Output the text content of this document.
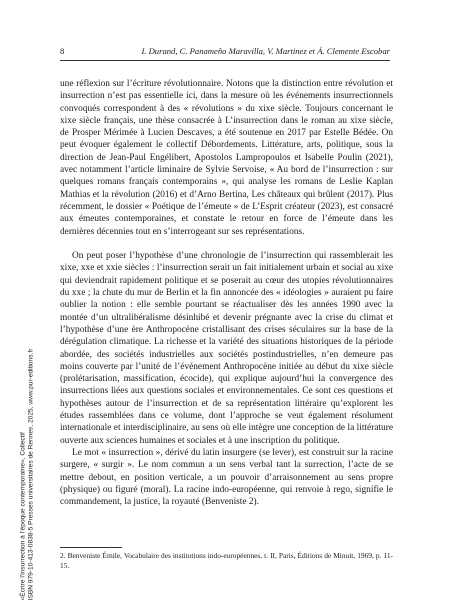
8	I. Durand, C. Panameño Maravilla, V. Martinez et Á. Clemente Escobar

une réflexion sur l’écriture révolutionnaire. Notons que la distinction entre révolution et insurrection n’est pas essentielle ici, dans la mesure où les événements insurrectionnels convoqués correspondent à des « révolutions » du xixe siècle. Toujours concernant le xixe siècle français, une thèse consacrée à L’insurrection dans le roman au xixe siècle, de Prosper Mérimée à Lucien Descaves, a été soutenue en 2017 par Estelle Bédée. On peut évoquer également le collectif Débordements. Littérature, arts, politique, sous la direction de Jean-Paul Engélibert, Apostolos Lampropoulos et Isabelle Poulin (2021), avec notamment l’article liminaire de Sylvie Servoise, « Au bord de l’insurrection : sur quelques romans français contemporains », qui analyse les romans de Leslie Kaplan Mathias et la révolution (2016) et d’Arno Bertina, Les châteaux qui brûlent (2017). Plus récemment, le dossier « Poétique de l’émeute » de L’Esprit créateur (2023), est consacré aux émeutes contemporaines, et constate le retour en force de l’émeute dans les dernières décennies tout en s’interrogeant sur ses représentations.

On peut poser l’hypothèse d’une chronologie de l’insurrection qui rassemblerait les xixe, xxe et xxie siècles : l’insurrection serait un fait initialement urbain et social au xixe qui deviendrait rapidement politique et se poserait au cœur des utopies révolutionnaires du xxe ; la chute du mur de Berlin et la fin annoncée des « idéologies » auraient pu faire oublier la notion : elle semble pourtant se réactualiser dès les années 1990 avec la montée d’un ultralibéralisme désinhibé et devenir prégnante avec la crise du climat et l’hypothèse d’une ère Anthropocène cristallisant des crises séculaires sur la base de la dérégulation climatique. La richesse et la variété des situations historiques de la période abordée, des sociétés industrielles aux sociétés postindustrielles, n’en demeure pas moins couverte par l’unité de l’événement Anthropocène initiée au début du xixe siècle (prolétarisation, massification, écocide), qui explique aujourd’hui la convergence des insurrections liées aux questions sociales et environnementales. Ce sont ces questions et hypothèses autour de l’insurrection et de sa représentation littéraire qu’explorent les études rassemblées dans ce volume, dont l’approche se veut également résolument internationale et interdisciplinaire, au sens où elle intègre une conception de la littérature ouverte aux sciences humaines et sociales et à une inscription du politique.

Le mot « insurrection », dérivé du latin insurgere (se lever), est construit sur la racine surgere, « surgir ». Le nom commun a un sens verbal tant la surrection, l’acte de se mettre debout, en position verticale, a un pouvoir d’arraisonnement au sens propre (physique) ou figuré (moral). La racine indo-européenne, qui renvoie à rego, signifie le commandement, la justice, la royauté (Benveniste 2).

2. Benveniste Émile, Vocabulaire des institutions indo-européennes, t. II, Paris, Éditions de Minuit, 1969, p. 11-15.
«Écrire l’insurrection à l’époque contemporaine», Collectif ISBN 979-10-413-0838-5 Presses universitaires de Rennes, 2025, www.pur-editions.fr
